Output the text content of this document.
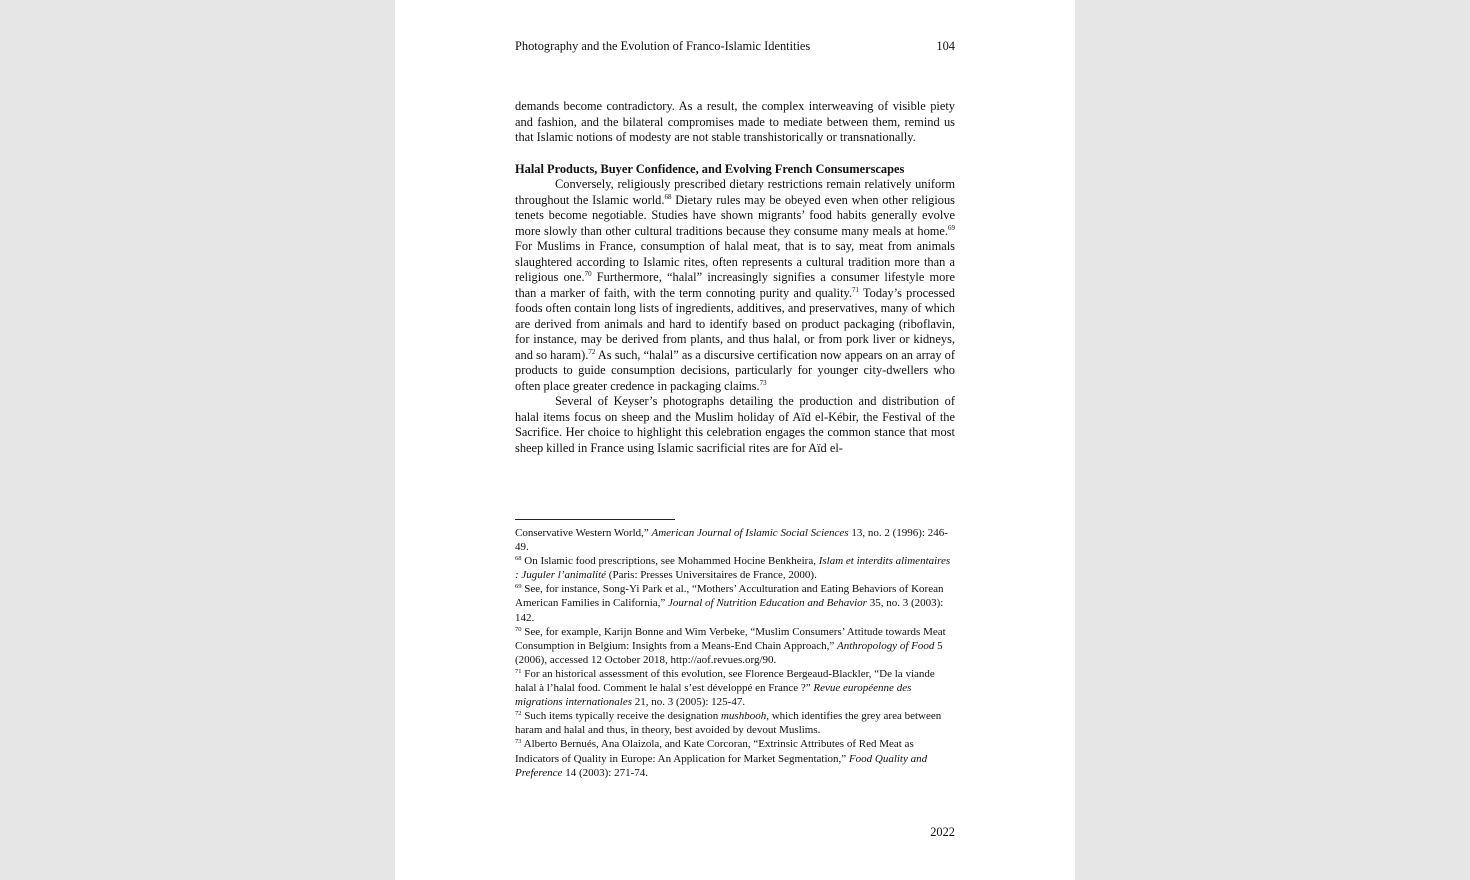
Photography and the Evolution of Franco-Islamic Identities	104

demands become contradictory. As a result, the complex interweaving of visible piety and fashion, and the bilateral compromises made to mediate between them, remind us that Islamic notions of modesty are not stable transhistorically or transnationally.

Halal Products, Buyer Confidence, and Evolving French Consumerscapes

Conversely, religiously prescribed dietary restrictions remain relatively uniform throughout the Islamic world.$^{68}$ Dietary rules may be obeyed even when other religious tenets become negotiable. Studies have shown migrants’ food habits generally evolve more slowly than other cultural traditions because they consume many meals at home.$^{69}$ For Muslims in France, consumption of halal meat, that is to say, meat from animals slaughtered according to Islamic rites, often represents a cultural tradition more than a religious one.$^{70}$ Furthermore, “halal” increasingly signifies a consumer lifestyle more than a marker of faith, with the term connoting purity and quality.$^{71}$ Today’s processed foods often contain long lists of ingredients, additives, and preservatives, many of which are derived from animals and hard to identify based on product packaging (riboflavin, for instance, may be derived from plants, and thus halal, or from pork liver or kidneys, and so haram).$^{72}$ As such, “halal” as a discursive certification now appears on an array of products to guide consumption decisions, particularly for younger city-dwellers who often place greater credence in packaging claims.$^{73}$

Several of Keyser’s photographs detailing the production and distribution of halal items focus on sheep and the Muslim holiday of Aïd el-Kébir, the Festival of the Sacrifice. Her choice to highlight this celebration engages the common stance that most sheep killed in France using Islamic sacrificial rites are for Aïd el-

Conservative Western World,” American Journal of Islamic Social Sciences 13, no. 2 (1996): 246-49.

$^{68}$ On Islamic food prescriptions, see Mohammed Hocine Benkheira, Islam et interdits alimentaires : Juguler l’animalité (Paris: Presses Universitaires de France, 2000).

$^{69}$ See, for instance, Song-Yi Park et al., “Mothers’ Acculturation and Eating Behaviors of Korean American Families in California,” Journal of Nutrition Education and Behavior 35, no. 3 (2003): 142.

$^{70}$ See, for example, Karijn Bonne and Wim Verbeke, “Muslim Consumers’ Attitude towards Meat Consumption in Belgium: Insights from a Means-End Chain Approach,” Anthropology of Food 5 (2006), accessed 12 October 2018, http://aof.revues.org/90.

$^{71}$ For an historical assessment of this evolution, see Florence Bergeaud-Blackler, “De la viande halal à l’halal food. Comment le halal s’est développé en France ?” Revue européenne des migrations internationales 21, no. 3 (2005): 125-47.

$^{72}$ Such items typically receive the designation mushbooh, which identifies the grey area between haram and halal and thus, in theory, best avoided by devout Muslims.

$^{73}$ Alberto Bernués, Ana Olaizola, and Kate Corcoran, “Extrinsic Attributes of Red Meat as Indicators of Quality in Europe: An Application for Market Segmentation,” Food Quality and Preference 14 (2003): 271-74.

2022
